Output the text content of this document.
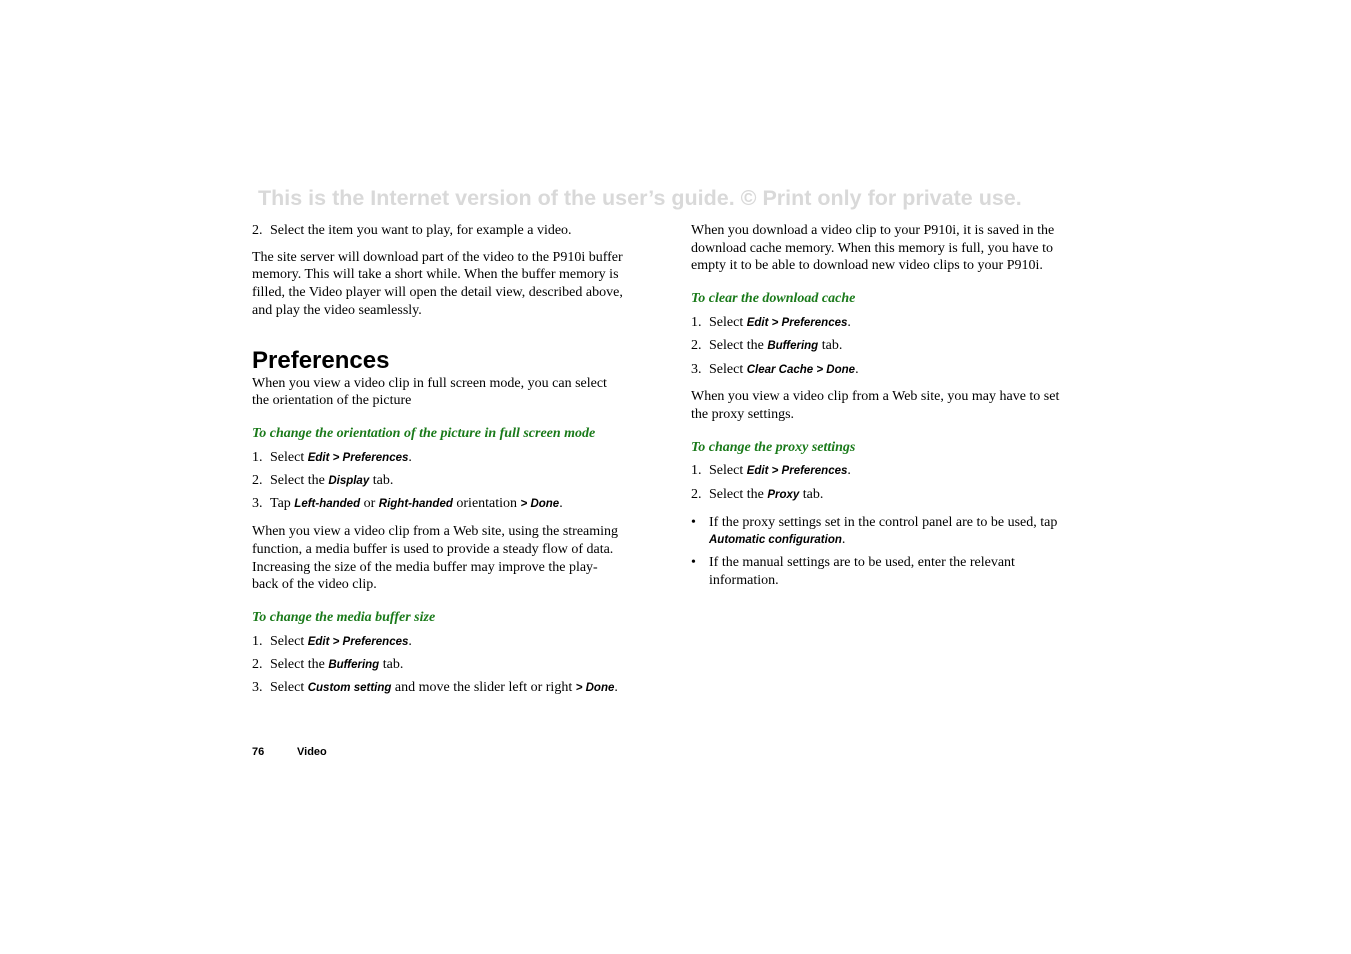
This is the Internet version of the user’s guide. © Print only for private use.
2. Select the item you want to play, for example a video.

The site server will download part of the video to the P910i buffer memory. This will take a short while. When the buffer memory is filled, the Video player will open the detail view, described above, and play the video seamlessly.

Preferences

When you view a video clip in full screen mode, you can select the orientation of the picture

To change the orientation of the picture in full screen mode
1. Select Edit > Preferences.
2. Select the Display tab.
3. Tap Left-handed or Right-handed orientation > Done.

When you view a video clip from a Web site, using the streaming function, a media buffer is used to provide a steady flow of data. Increasing the size of the media buffer may improve the play-back of the video clip.

To change the media buffer size
1. Select Edit > Preferences.
2. Select the Buffering tab.
3. Select Custom setting and move the slider left or right > Done.

When you download a video clip to your P910i, it is saved in the download cache memory. When this memory is full, you have to empty it to be able to download new video clips to your P910i.

To clear the download cache
1. Select Edit > Preferences.
2. Select the Buffering tab.
3. Select Clear Cache > Done.

When you view a video clip from a Web site, you may have to set the proxy settings.

To change the proxy settings
1. Select Edit > Preferences.
2. Select the Proxy tab.
• If the proxy settings set in the control panel are to be used, tap Automatic configuration.
• If the manual settings are to be used, enter the relevant information.
76	Video
